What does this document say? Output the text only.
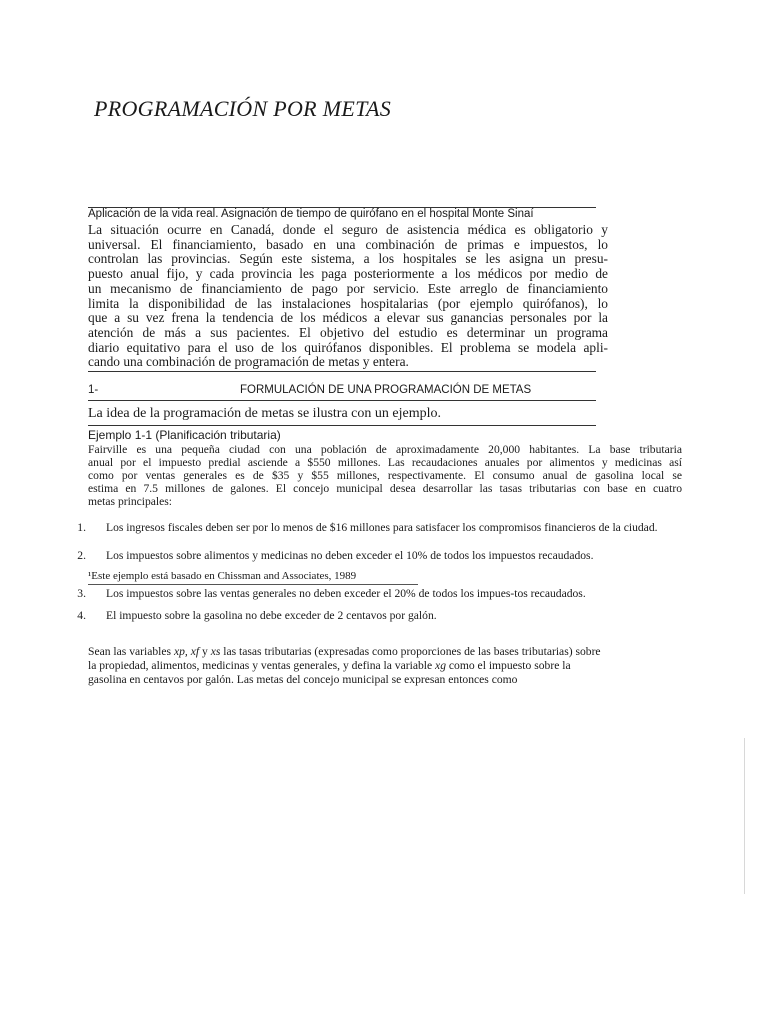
PROGRAMACIÓN POR METAS
Aplicación de la vida real. Asignación de tiempo de quirófano en el hospital Monte Sinaí
La situación ocurre en Canadá, donde el seguro de asistencia médica es obligatorio y
universal. El financiamiento, basado en una combinación de primas e impuestos, lo
controlan las provincias. Según este sistema, a los hospitales se les asigna un presu-
puesto anual fijo, y cada provincia les paga posteriormente a los médicos por medio de
un mecanismo de financiamiento de pago por servicio. Este arreglo de financiamiento
limita la disponibilidad de las instalaciones hospitalarias (por ejemplo quirófanos), lo
que a su vez frena la tendencia de los médicos a elevar sus ganancias personales por la
atención de más a sus pacientes. El objetivo del estudio es determinar un programa
diario equitativo para el uso de los quirófanos disponibles. El problema se modela apli-
cando una combinación de programación de metas y entera.
1-	FORMULACIÓN DE UNA PROGRAMACIÓN DE METAS
La idea de la programación de metas se ilustra con un ejemplo.
Ejemplo 1-1 (Planificación tributaria)
Fairville es una pequeña ciudad con una población de aproximadamente 20,000 habitantes. La base tributaria
anual por el impuesto predial asciende a $550 millones. Las recaudaciones anuales por alimentos y medicinas así
como por ventas generales es de $35 y $55 millones, respectivamente. El consumo anual de gasolina local se
estima en 7.5 millones de galones. El concejo municipal desea desarrollar las tasas tributarias con base en cuatro
metas principales:
1.	Los ingresos fiscales deben ser por lo menos de $16 millones para satisfacer los compromisos financieros de la ciudad.
2.	Los impuestos sobre alimentos y medicinas no deben exceder el 10% de todos los impuestos recaudados.
¹Este ejemplo está basado en Chissman and Associates, 1989
3.	Los impuestos sobre las ventas generales no deben exceder el 20% de todos los impues-tos recaudados.
4.	El impuesto sobre la gasolina no debe exceder de 2 centavos por galón.
Sean las variables xp, xf y xs las tasas tributarias (expresadas como proporciones de las bases tributarias) sobre
la propiedad, alimentos, medicinas y ventas generales, y defina la variable xg como el impuesto sobre la
gasolina en centavos por galón. Las metas del concejo municipal se expresan entonces como
